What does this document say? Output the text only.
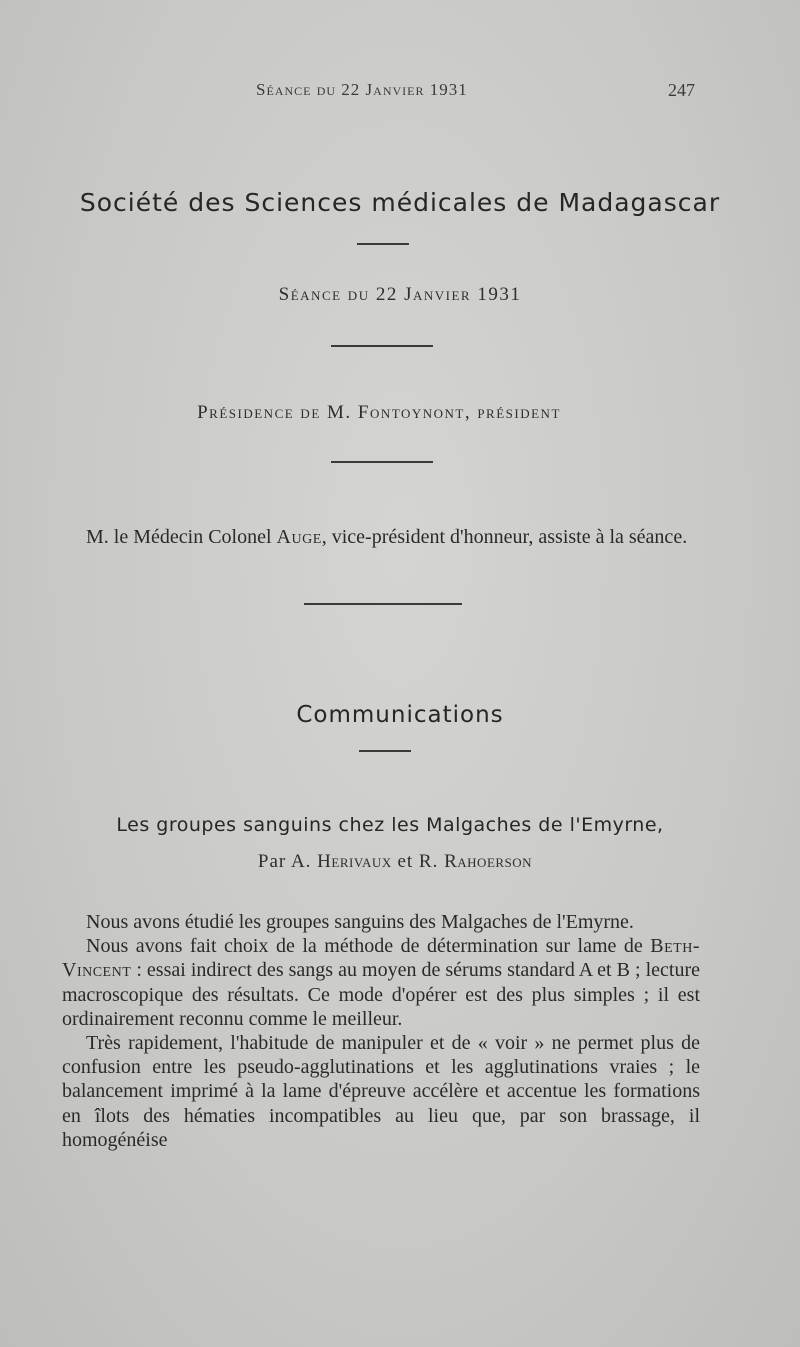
Séance du 22 Janvier 1931	247
Société des Sciences médicales de Madagascar
Séance du 22 Janvier 1931
Présidence de M. Fontoynont, président

M. le Médecin Colonel Auge, vice-président d'honneur, assiste à la séance.

Communications
Les groupes sanguins chez les Malgaches de l'Emyrne,
Par A. Herivaux et R. Rahoerson

Nous avons étudié les groupes sanguins des Malgaches de l'Emyrne.

Nous avons fait choix de la méthode de détermination sur lame de Beth-Vincent : essai indirect des sangs au moyen de sérums standard A et B ; lecture macroscopique des résultats. Ce mode d'opérer est des plus simples ; il est ordinairement reconnu comme le meilleur.

Très rapidement, l'habitude de manipuler et de « voir » ne permet plus de confusion entre les pseudo-agglutinations et les agglutinations vraies ; le balancement imprimé à la lame d'épreuve accélère et accentue les formations en îlots des hématies incompatibles au lieu que, par son brassage, il homogénéise
